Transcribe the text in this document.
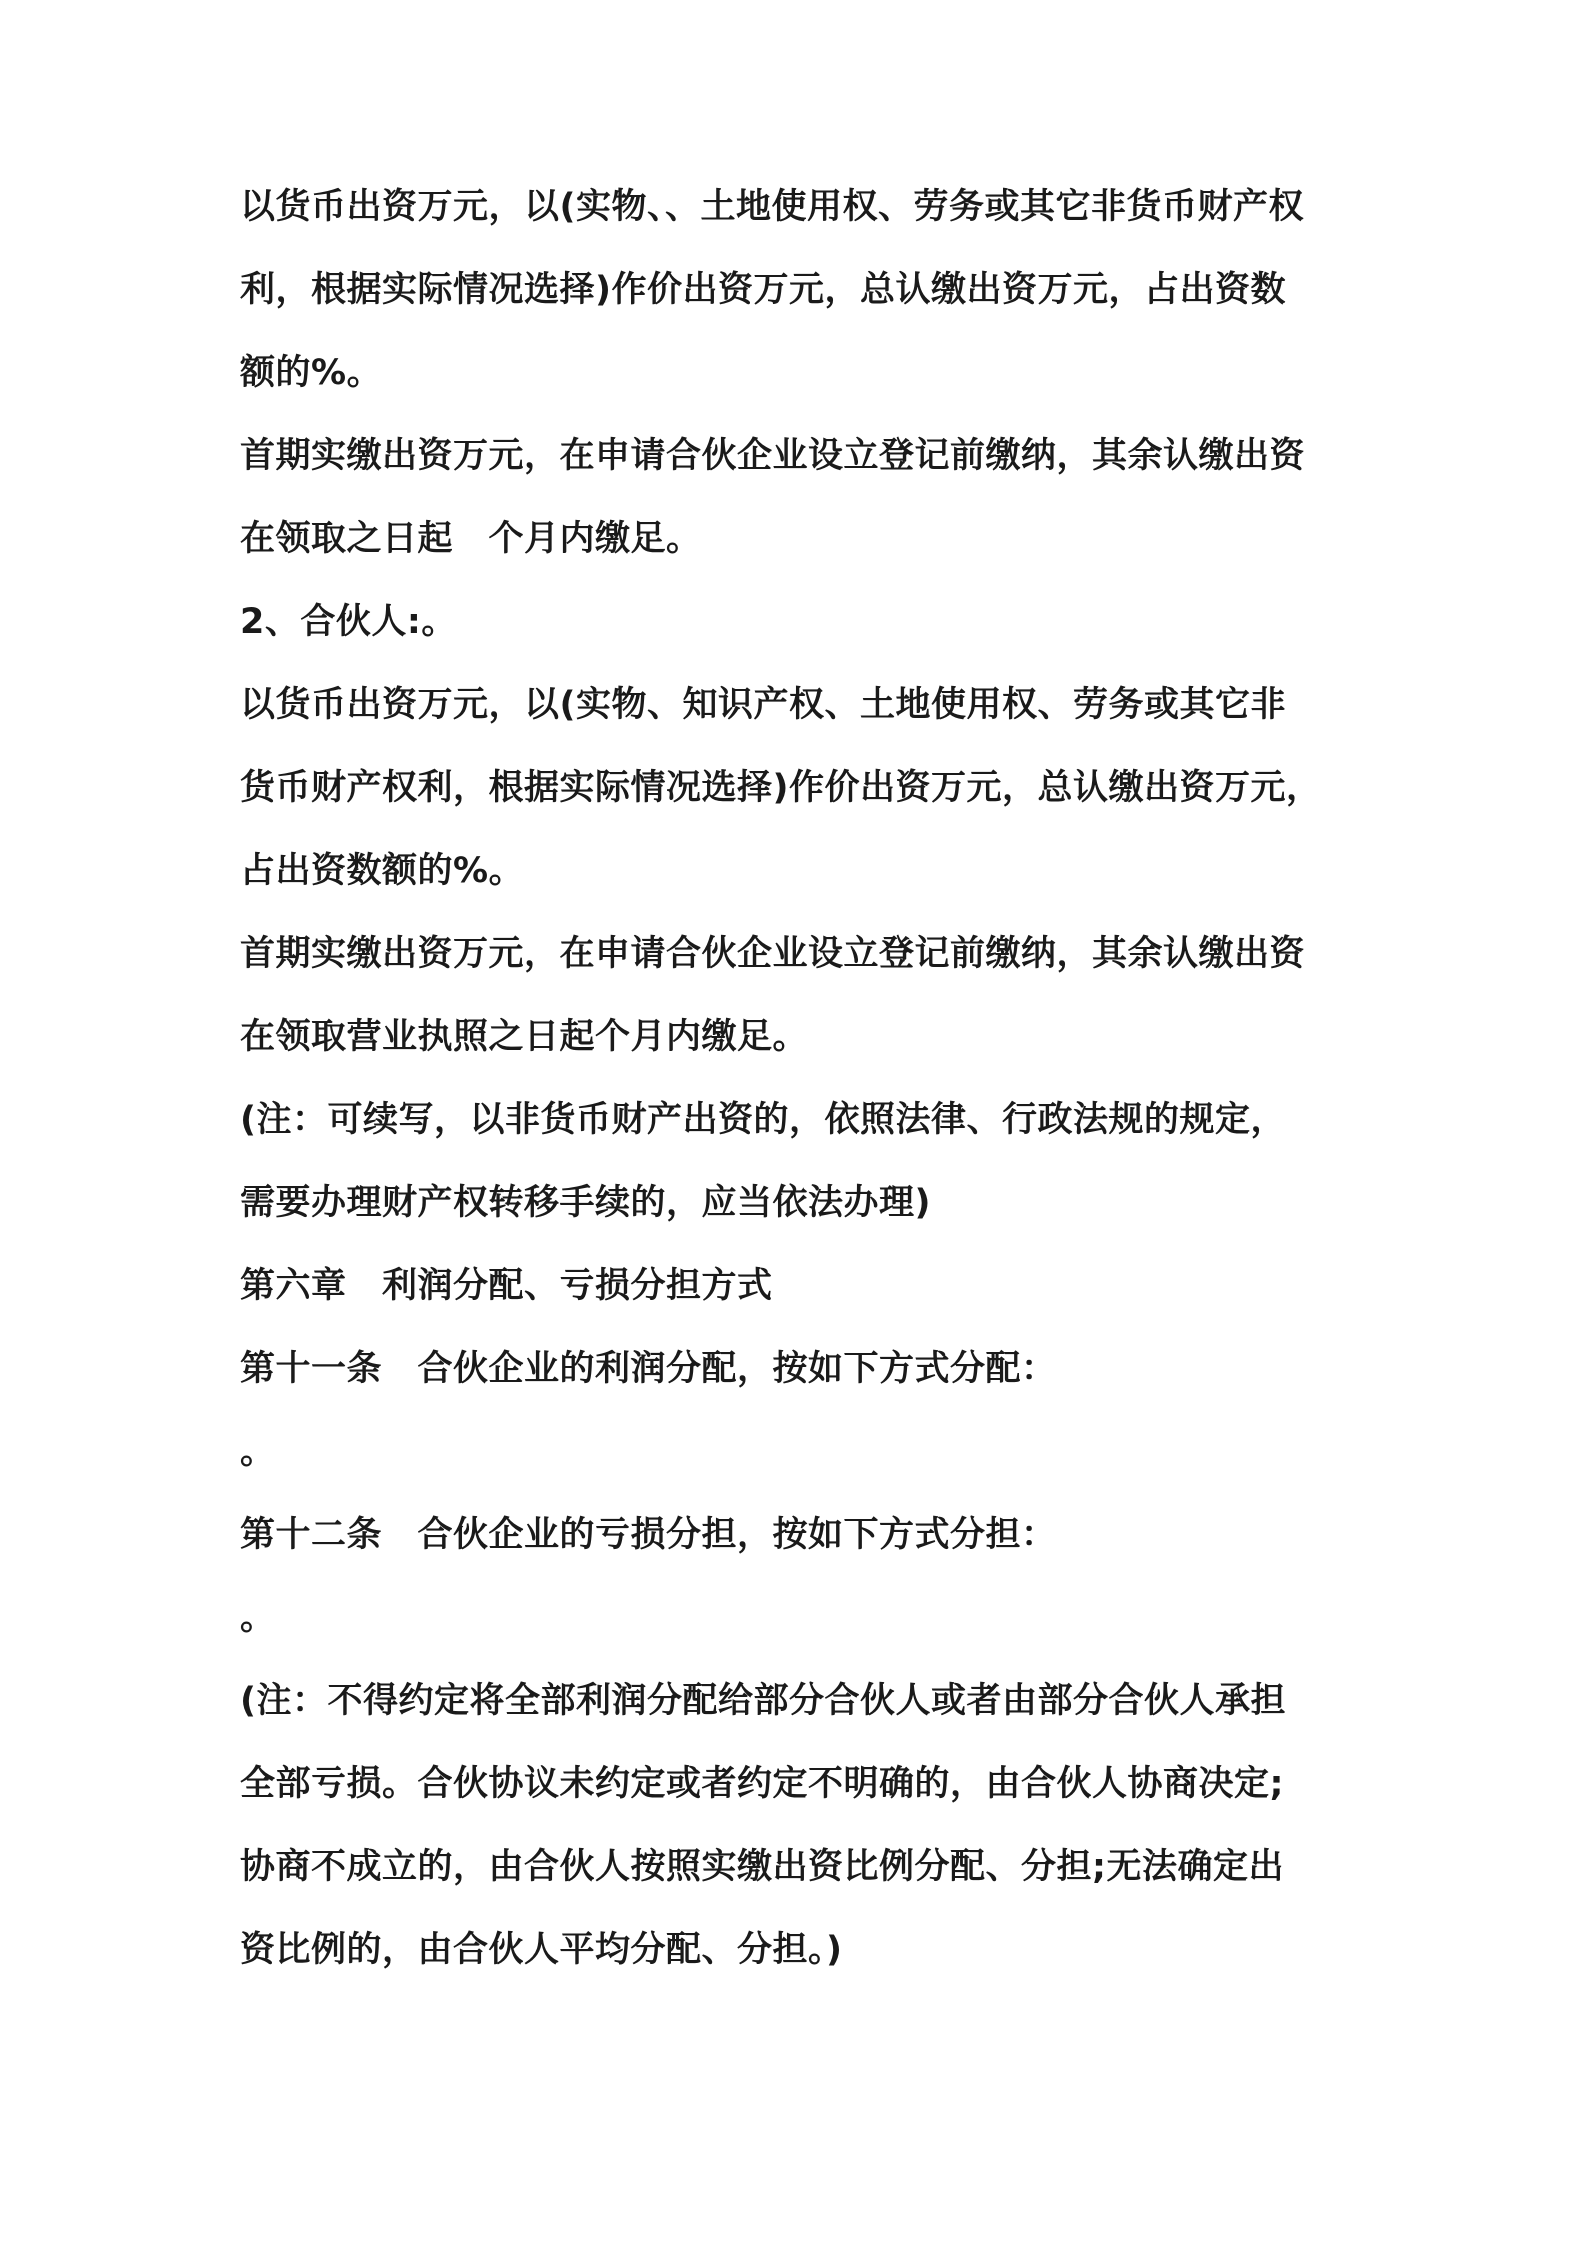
以货币出资万元，以(实物、、土地使用权、劳务或其它非货币财产权
利，根据实际情况选择)作价出资万元，总认缴出资万元，占出资数
额的%。
首期实缴出资万元，在申请合伙企业设立登记前缴纳，其余认缴出资
在领取之日起　个月内缴足。
2、合伙人:。
以货币出资万元，以(实物、知识产权、土地使用权、劳务或其它非
货币财产权利，根据实际情况选择)作价出资万元，总认缴出资万元，
占出资数额的%。
首期实缴出资万元，在申请合伙企业设立登记前缴纳，其余认缴出资
在领取营业执照之日起个月内缴足。
(注：可续写，以非货币财产出资的，依照法律、行政法规的规定，
需要办理财产权转移手续的，应当依法办理)
第六章　利润分配、亏损分担方式
第十一条　合伙企业的利润分配，按如下方式分配：
。
第十二条　合伙企业的亏损分担，按如下方式分担：
。
(注：不得约定将全部利润分配给部分合伙人或者由部分合伙人承担
全部亏损。合伙协议未约定或者约定不明确的，由合伙人协商决定;
协商不成立的，由合伙人按照实缴出资比例分配、分担;无法确定出
资比例的，由合伙人平均分配、分担。)
